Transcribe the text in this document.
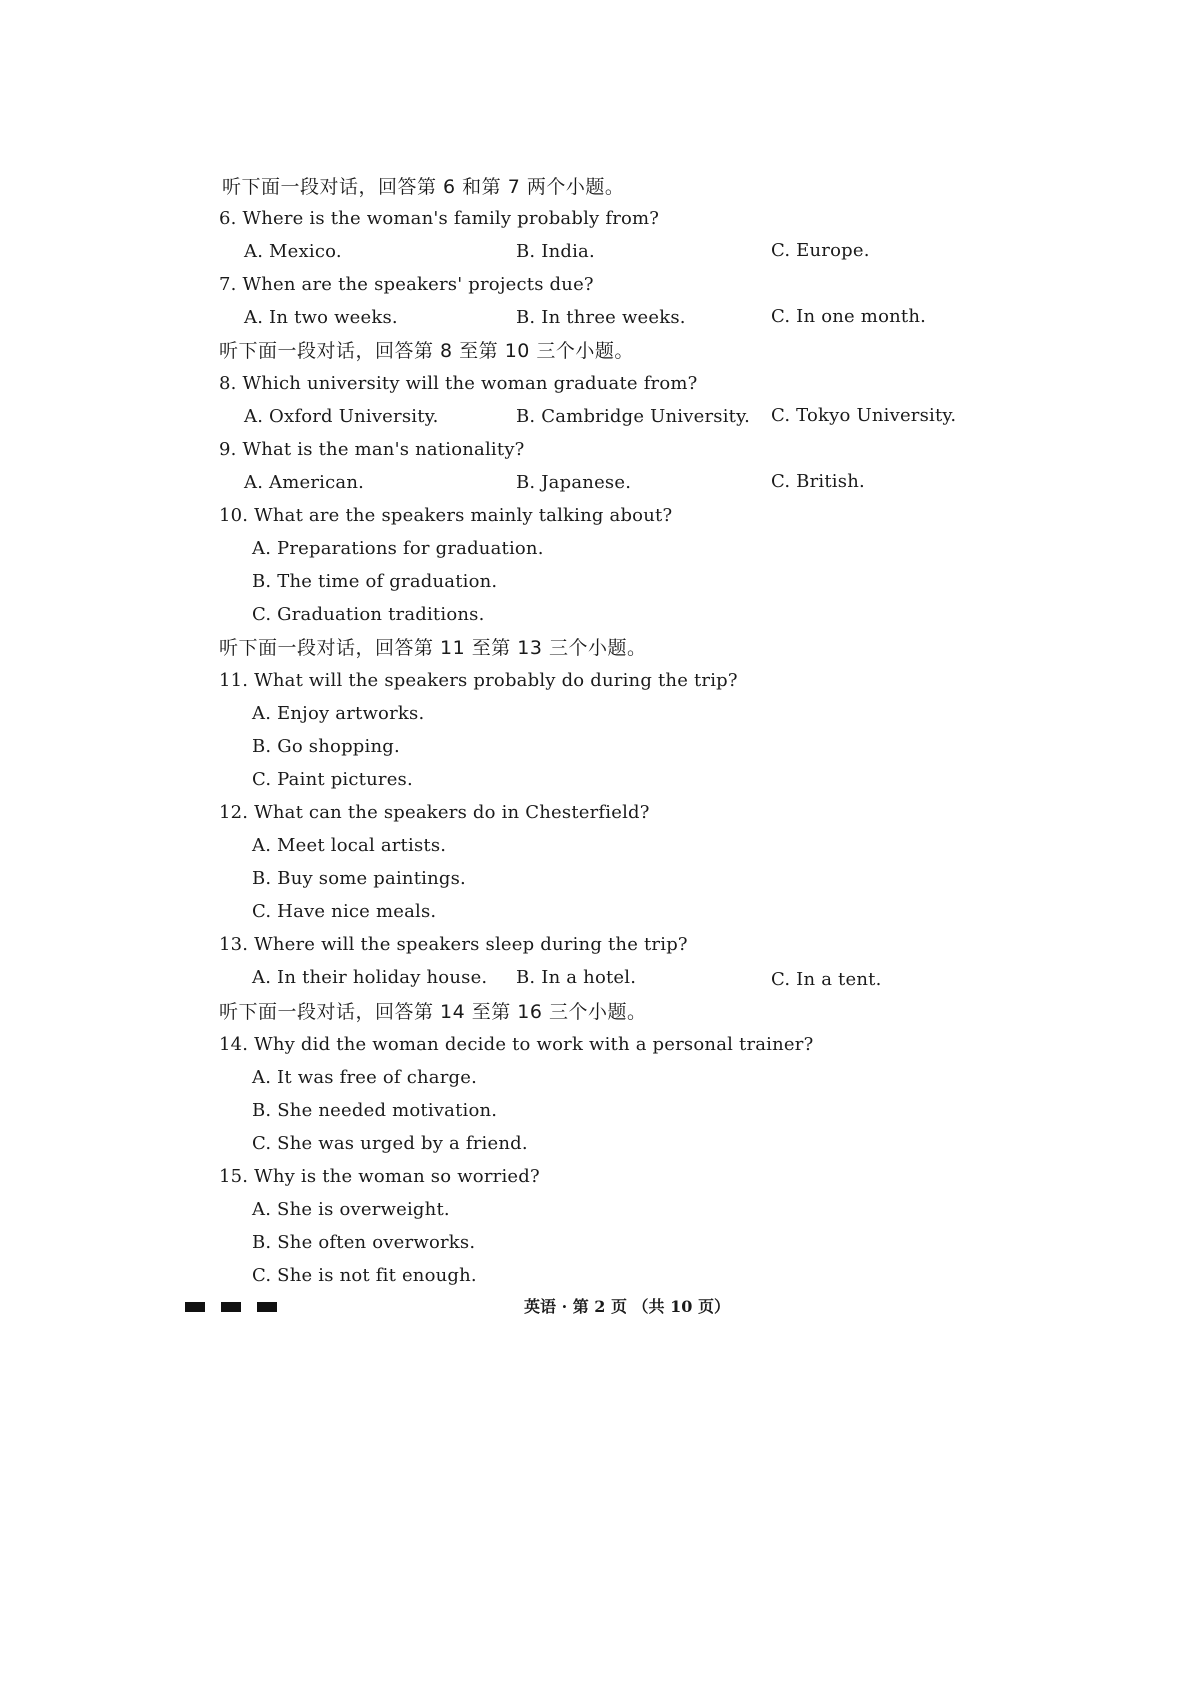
听下面一段对话，回答第 6 和第 7 两个小题。
6. Where is the woman's family probably from?
A. Mexico.	B. India.	C. Europe.
7. When are the speakers' projects due?
A. In two weeks.	B. In three weeks.	C. In one month.
听下面一段对话，回答第 8 至第 10 三个小题。
8. Which university will the woman graduate from?
A. Oxford University.	B. Cambridge University. C. Tokyo University.
9. What is the man's nationality?
A. American.	B. Japanese.	C. British.
10. What are the speakers mainly talking about?
A. Preparations for graduation.
B. The time of graduation.
C. Graduation traditions.
听下面一段对话，回答第 11 至第 13 三个小题。
11. What will the speakers probably do during the trip?
A. Enjoy artworks.
B. Go shopping.
C. Paint pictures.
12. What can the speakers do in Chesterfield?
A. Meet local artists.
B. Buy some paintings.
C. Have nice meals.
13. Where will the speakers sleep during the trip?
A. In their holiday house. B. In a hotel.	C. In a tent.
听下面一段对话，回答第 14 至第 16 三个小题。
14. Why did the woman decide to work with a personal trainer?
A. It was free of charge.
B. She needed motivation.
C. She was urged by a friend.
15. Why is the woman so worried?
A. She is overweight.
B. She often overworks.
C. She is not fit enough.
英语 · 第 2 页 （共 10 页）
